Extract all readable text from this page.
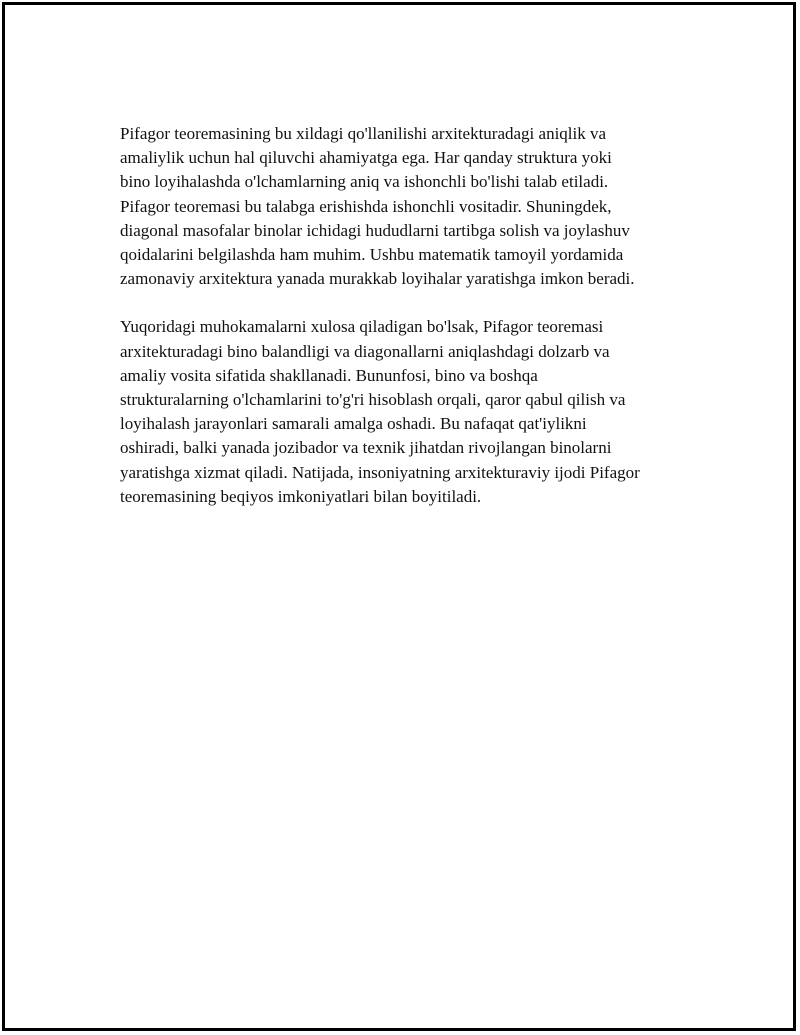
Pifagor teoremasining bu xildagi qo'llanilishi arxitekturadagi aniqlik va
amaliylik uchun hal qiluvchi ahamiyatga ega. Har qanday struktura yoki
bino loyihalashda o'lchamlarning aniq va ishonchli bo'lishi talab etiladi.
Pifagor teoremasi bu talabga erishishda ishonchli vositadir. Shuningdek,
diagonal masofalar binolar ichidagi hududlarni tartibga solish va joylashuv
qoidalarini belgilashda ham muhim. Ushbu matematik tamoyil yordamida
zamonaviy arxitektura yanada murakkab loyihalar yaratishga imkon beradi.

Yuqoridagi muhokamalarni xulosa qiladigan bo'lsak, Pifagor teoremasi
arxitekturadagi bino balandligi va diagonallarni aniqlashdagi dolzarb va
amaliy vosita sifatida shakllanadi. Bununfosi, bino va boshqa
strukturalarning o'lchamlarini to'g'ri hisoblash orqali, qaror qabul qilish va
loyihalash jarayonlari samarali amalga oshadi. Bu nafaqat qat'iylikni
oshiradi, balki yanada jozibador va texnik jihatdan rivojlangan binolarni
yaratishga xizmat qiladi. Natijada, insoniyatning arxitekturaviy ijodi Pifagor
teoremasining beqiyos imkoniyatlari bilan boyitiladi.
